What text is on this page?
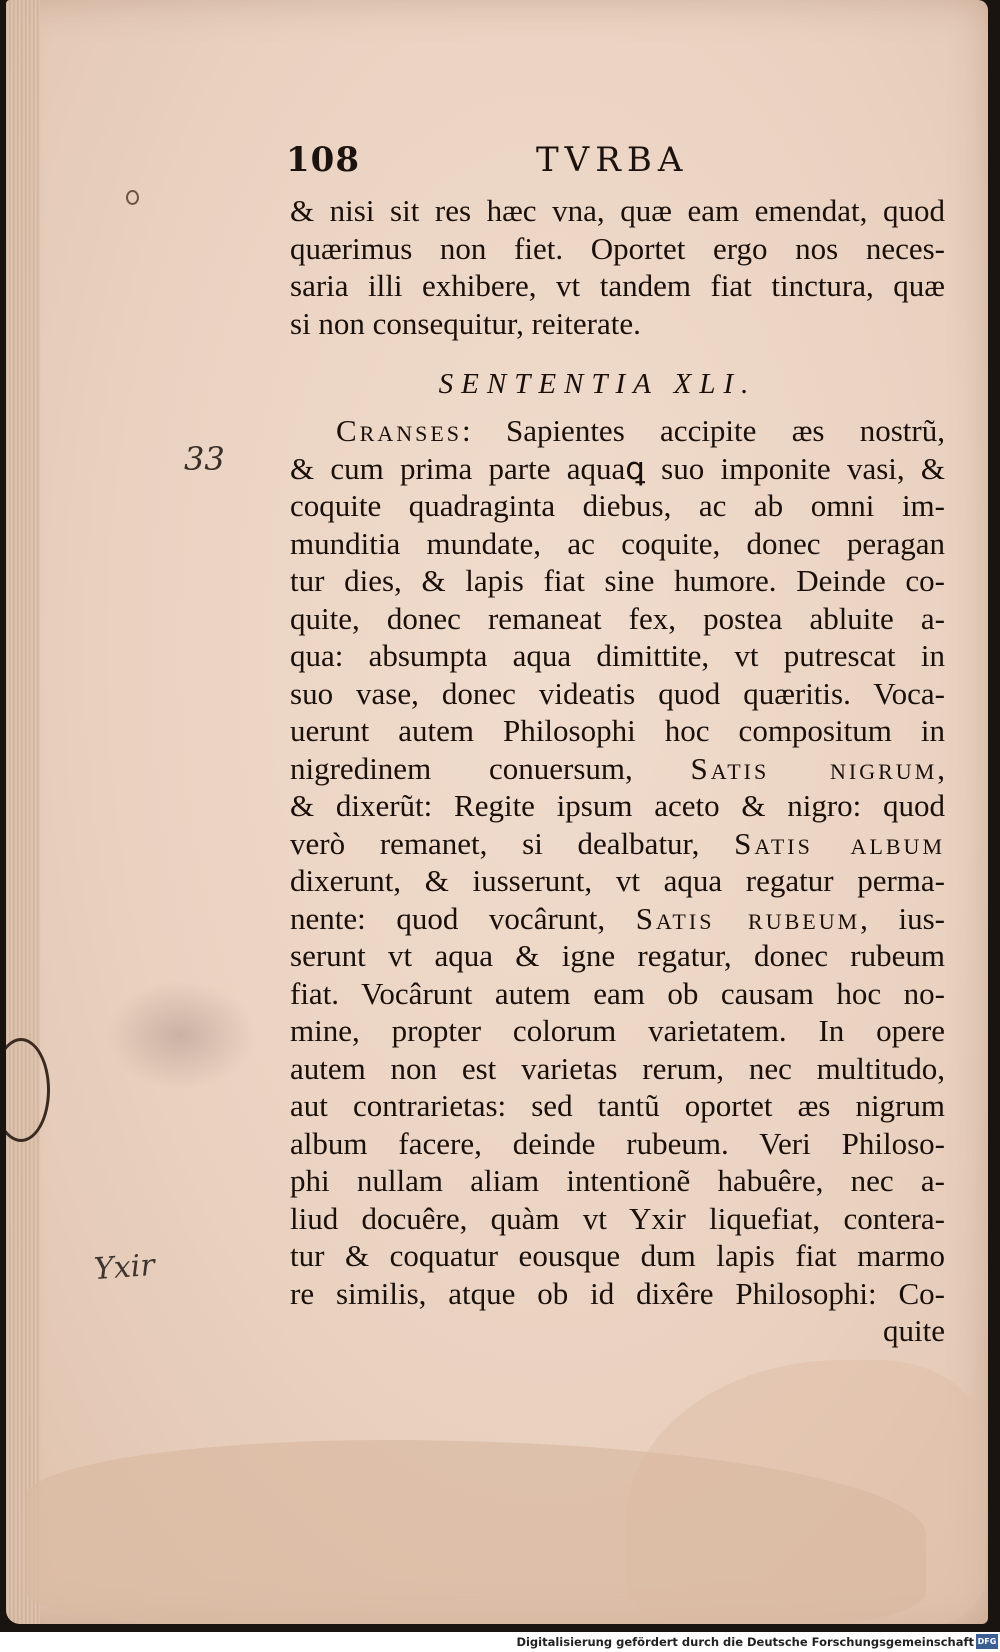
108	TVRBA
33
Yxir
& nisi sit res hæc vna, quæ eam emendat, quod
quærimus non fiet. Oportet ergo nos neces-
saria illi exhibere, vt tandem fiat tinctura, quæ
si non consequitur, reiterate.
SENTENTIA XLI.
Cranses: Sapientes accipite æs nostrũ,
& cum prima parte aquaꝗ suo imponite vasi, &
coquite quadraginta diebus, ac ab omni im-
munditia mundate, ac coquite, donec peragan
tur dies, & lapis fiat sine humore. Deinde co-
quite, donec remaneat fex, postea abluite a-
qua: absumpta aqua dimittite, vt putrescat in
suo vase, donec videatis quod quæritis. Voca-
uerunt autem Philosophi hoc compositum in
nigredinem conuersum, Satis nigrum,
& dixerũt: Regite ipsum aceto & nigro: quod
verò remanet, si dealbatur, Satis album
dixerunt, & iusserunt, vt aqua regatur perma-
nente: quod vocârunt, Satis rubeum, ius-
serunt vt aqua & igne regatur, donec rubeum
fiat. Vocârunt autem eam ob causam hoc no-
mine, propter colorum varietatem. In opere
autem non est varietas rerum, nec multitudo,
aut contrarietas: sed tantũ oportet æs nigrum
album facere, deinde rubeum. Veri Philoso-
phi nullam aliam intentionẽ habuêre, nec a-
liud docuêre, quàm vt Yxir liquefiat, contera-
tur & coquatur eousque dum lapis fiat marmo
re similis, atque ob id dixêre Philosophi: Co-
quite
Digitalisierung gefördert durch die Deutsche Forschungsgemeinschaft DFG
